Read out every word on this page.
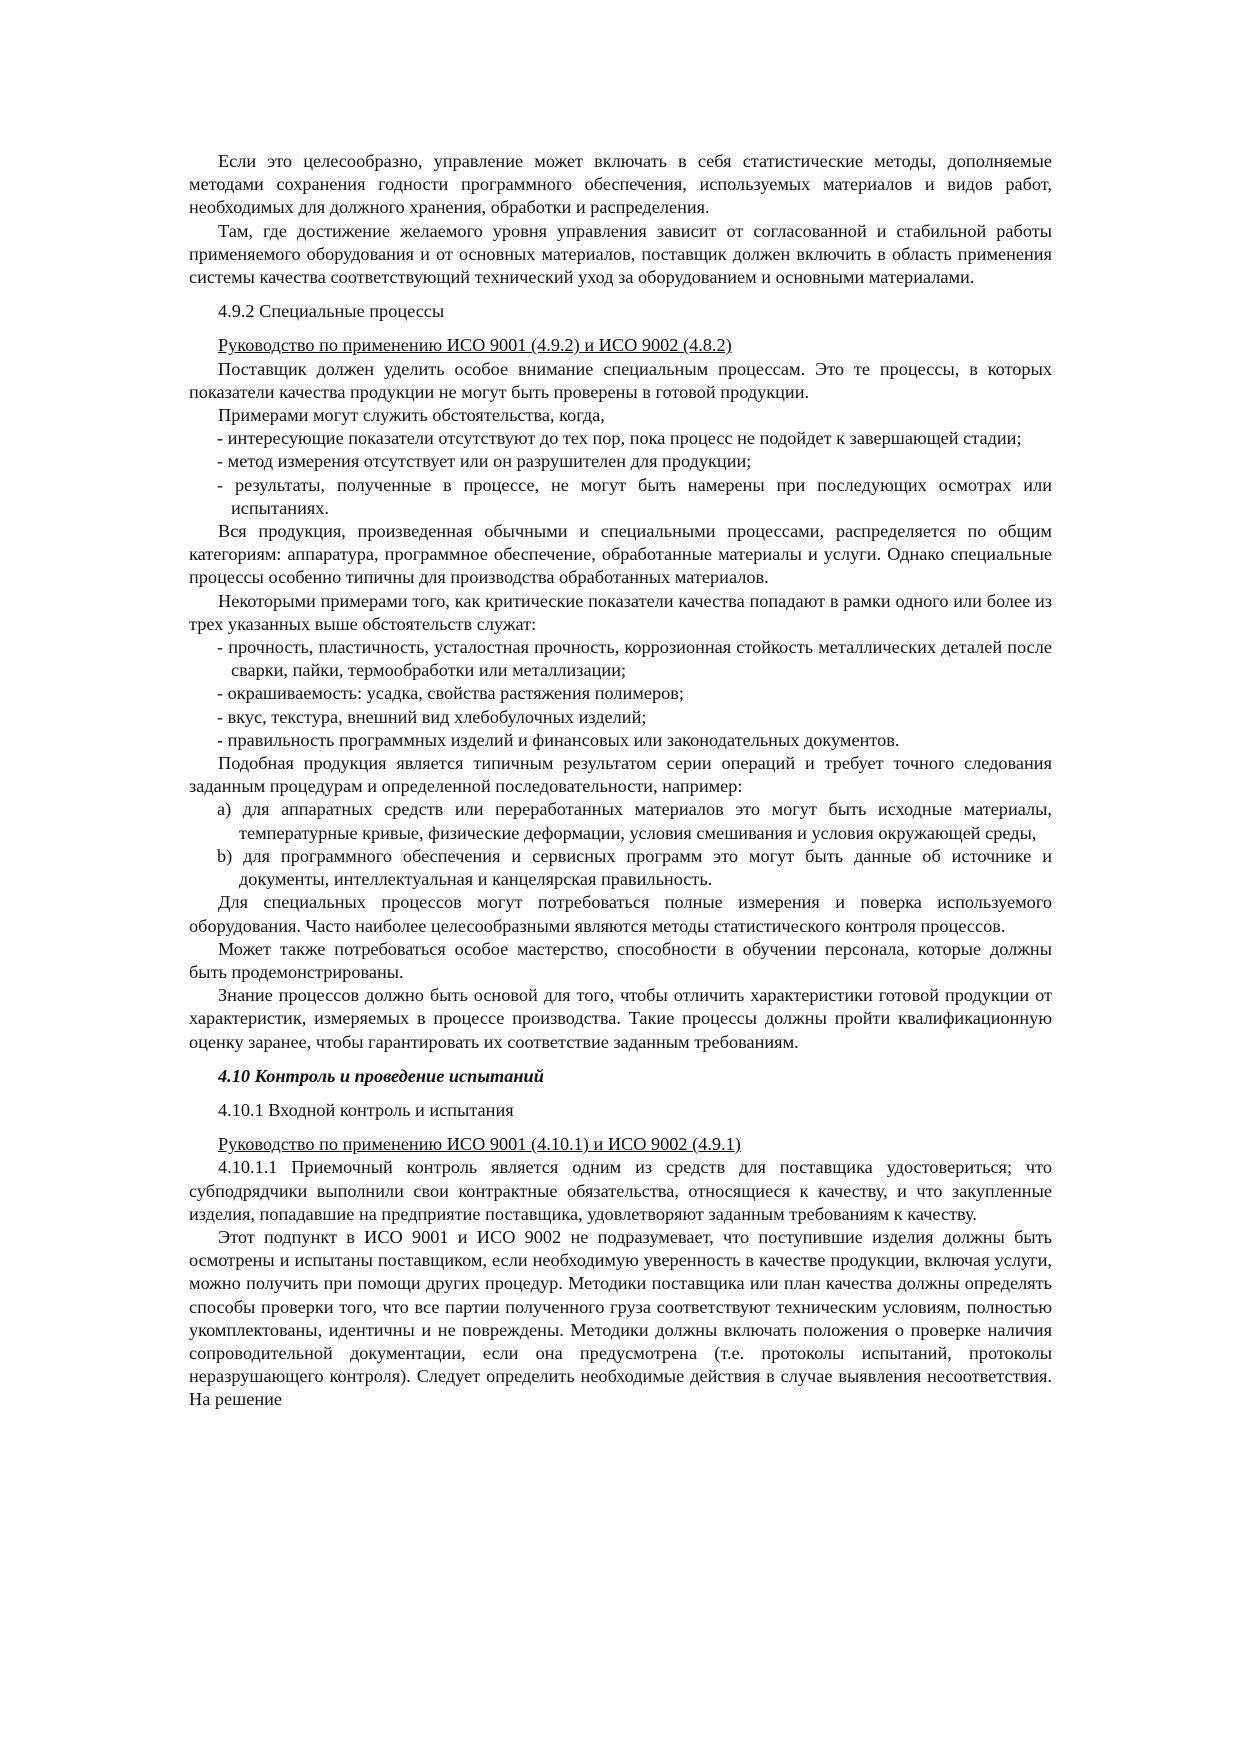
Если это целесообразно, управление может включать в себя статистические методы, дополняемые методами сохранения годности программного обеспечения, используемых материалов и видов работ, необходимых для должного хранения, обработки и распределения.

Там, где достижение желаемого уровня управления зависит от согласованной и стабильной работы применяемого оборудования и от основных материалов, поставщик должен включить в область применения системы качества соответствующий технический уход за оборудованием и основными материалами.

4.9.2 Специальные процессы

Руководство по применению ИСО 9001 (4.9.2) и ИСО 9002 (4.8.2)

Поставщик должен уделить особое внимание специальным процессам. Это те процессы, в которых показатели качества продукции не могут быть проверены в готовой продукции.

Примерами могут служить обстоятельства, когда,

- интересующие показатели отсутствуют до тех пор, пока процесс не подойдет к завершающей стадии;

- метод измерения отсутствует или он разрушителен для продукции;

- результаты, полученные в процессе, не могут быть намерены при последующих осмотрах или испытаниях.

Вся продукция, произведенная обычными и специальными процессами, распределяется по общим категориям: аппаратура, программное обеспечение, обработанные материалы и услуги. Однако специальные процессы особенно типичны для производства обработанных материалов.

Некоторыми примерами того, как критические показатели качества попадают в рамки одного или более из трех указанных выше обстоятельств служат:

- прочность, пластичность, усталостная прочность, коррозионная стойкость металлических деталей после сварки, пайки, термообработки или металлизации;

- окрашиваемость: усадка, свойства растяжения полимеров;

- вкус, текстура, внешний вид хлебобулочных изделий;

- правильность программных изделий и финансовых или законодательных документов.

Подобная продукция является типичным результатом серии операций и требует точного следования заданным процедурам и определенной последовательности, например:

a) для аппаратных средств или переработанных материалов это могут быть исходные материалы, температурные кривые, физические деформации, условия смешивания и условия окружающей среды,

b) для программного обеспечения и сервисных программ это могут быть данные об источнике и документы, интеллектуальная и канцелярская правильность.

Для специальных процессов могут потребоваться полные измерения и поверка используемого оборудования. Часто наиболее целесообразными являются методы статистического контроля процессов.

Может также потребоваться особое мастерство, способности в обучении персонала, которые должны быть продемонстрированы.

Знание процессов должно быть основой для того, чтобы отличить характеристики готовой продукции от характеристик, измеряемых в процессе производства. Такие процессы должны пройти квалификационную оценку заранее, чтобы гарантировать их соответствие заданным требованиям.

4.10 Контроль и проведение испытаний

4.10.1 Входной контроль и испытания

Руководство по применению ИСО 9001 (4.10.1) и ИСО 9002 (4.9.1)

4.10.1.1 Приемочный контроль является одним из средств для поставщика удостовериться; что субподрядчики выполнили свои контрактные обязательства, относящиеся к качеству, и что закупленные изделия, попадавшие на предприятие поставщика, удовлетворяют заданным требованиям к качеству.

Этот подпункт в ИСО 9001 и ИСО 9002 не подразумевает, что поступившие изделия должны быть осмотрены и испытаны поставщиком, если необходимую уверенность в качестве продукции, включая услуги, можно получить при помощи других процедур. Методики поставщика или план качества должны определять способы проверки того, что все партии полученного груза соответствуют техническим условиям, полностью укомплектованы, идентичны и не повреждены. Методики должны включать положения о проверке наличия сопроводительной документации, если она предусмотрена (т.е. протоколы испытаний, протоколы неразрушающего контроля). Следует определить необходимые действия в случае выявления несоответствия. На решение
